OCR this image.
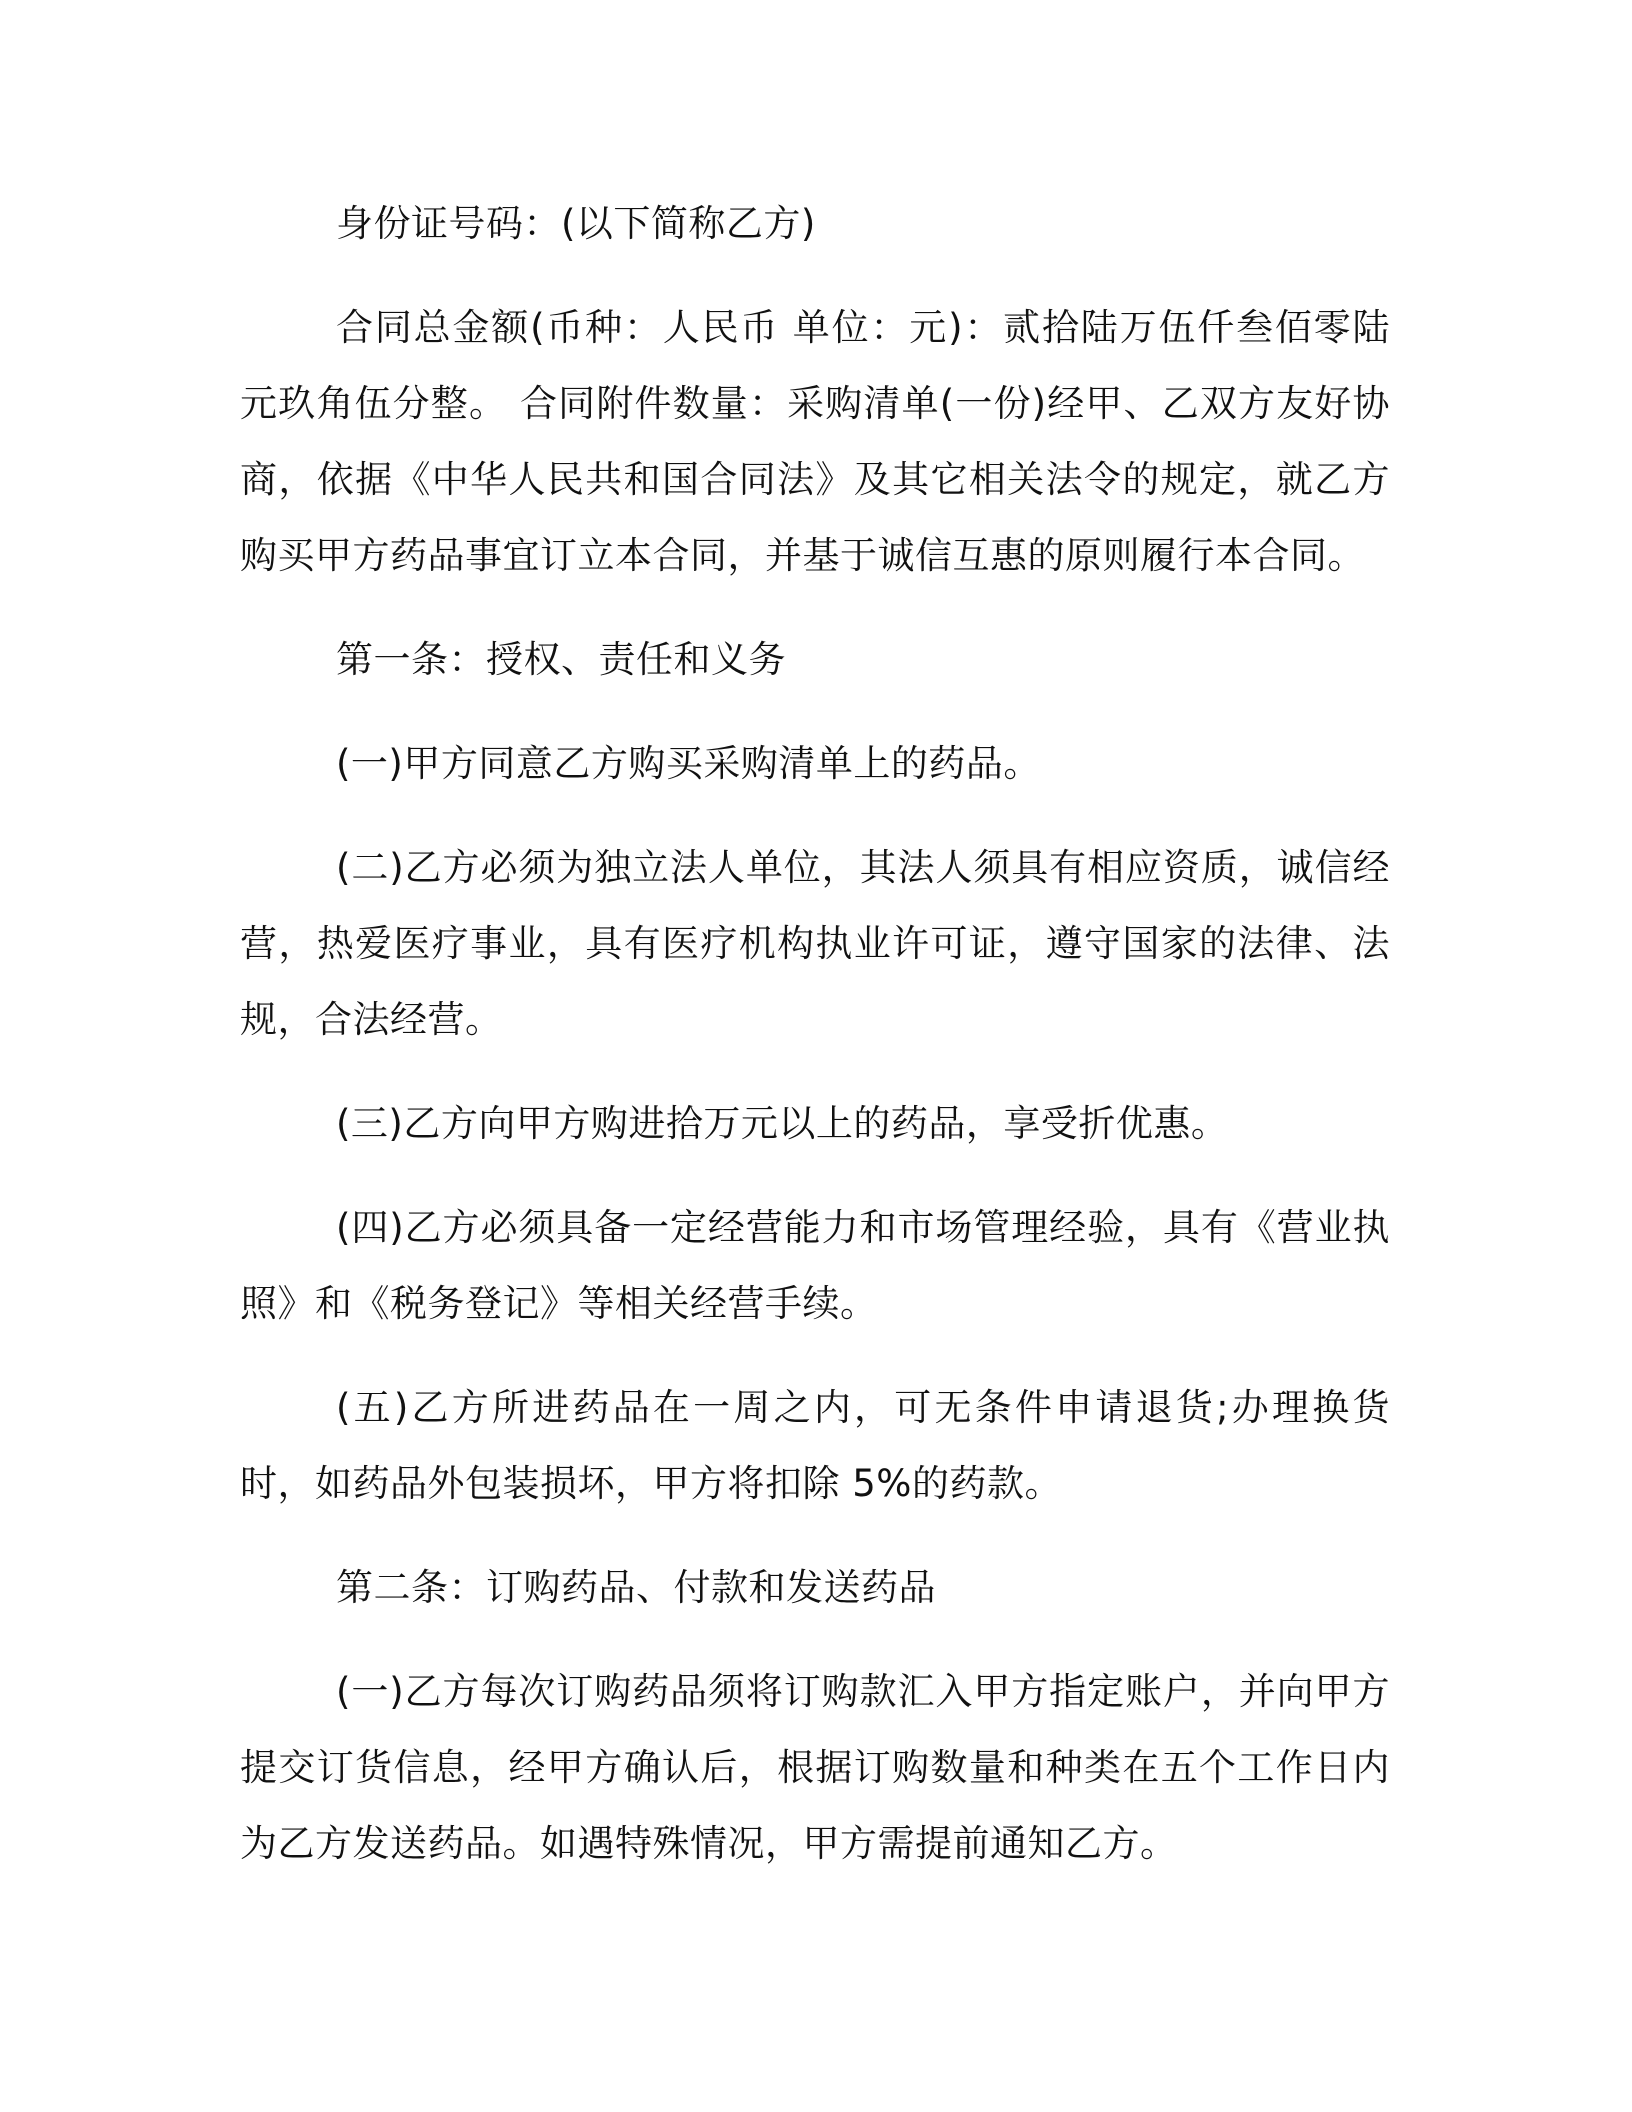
身份证号码：(以下简称乙方)

合同总金额(币种：人民币 单位：元)：贰拾陆万伍仟叁佰零陆元玖角伍分整。 合同附件数量：采购清单(一份)经甲、乙双方友好协商，依据《中华人民共和国合同法》及其它相关法令的规定，就乙方购买甲方药品事宜订立本合同，并基于诚信互惠的原则履行本合同。

第一条：授权、责任和义务

(一)甲方同意乙方购买采购清单上的药品。

(二)乙方必须为独立法人单位，其法人须具有相应资质，诚信经营，热爱医疗事业，具有医疗机构执业许可证，遵守国家的法律、法规，合法经营。

(三)乙方向甲方购进拾万元以上的药品，享受折优惠。

(四)乙方必须具备一定经营能力和市场管理经验，具有《营业执照》和《税务登记》等相关经营手续。

(五)乙方所进药品在一周之内，可无条件申请退货;办理换货时，如药品外包装损坏，甲方将扣除 5%的药款。

第二条：订购药品、付款和发送药品

(一)乙方每次订购药品须将订购款汇入甲方指定账户，并向甲方提交订货信息，经甲方确认后，根据订购数量和种类在五个工作日内为乙方发送药品。如遇特殊情况，甲方需提前通知乙方。
